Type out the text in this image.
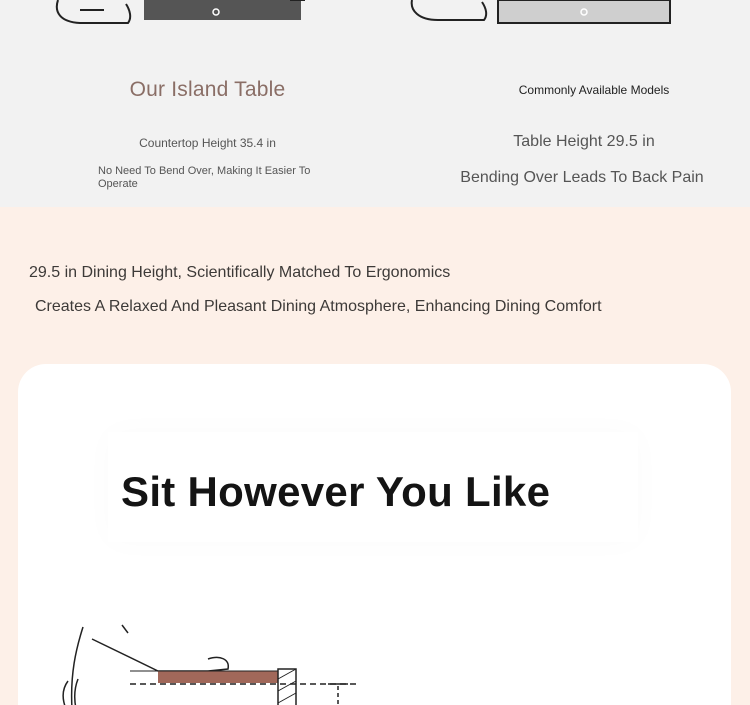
Our Island Table	Commonly Available Models
Countertop Height 35.4 in
No Need To Bend Over, Making It Easier To Operate
Table Height 29.5 in
Bending Over Leads To Back Pain
29.5 in Dining Height, Scientifically Matched To Ergonomics
Creates A Relaxed And Pleasant Dining Atmosphere, Enhancing Dining Comfort
Sit However You Like
